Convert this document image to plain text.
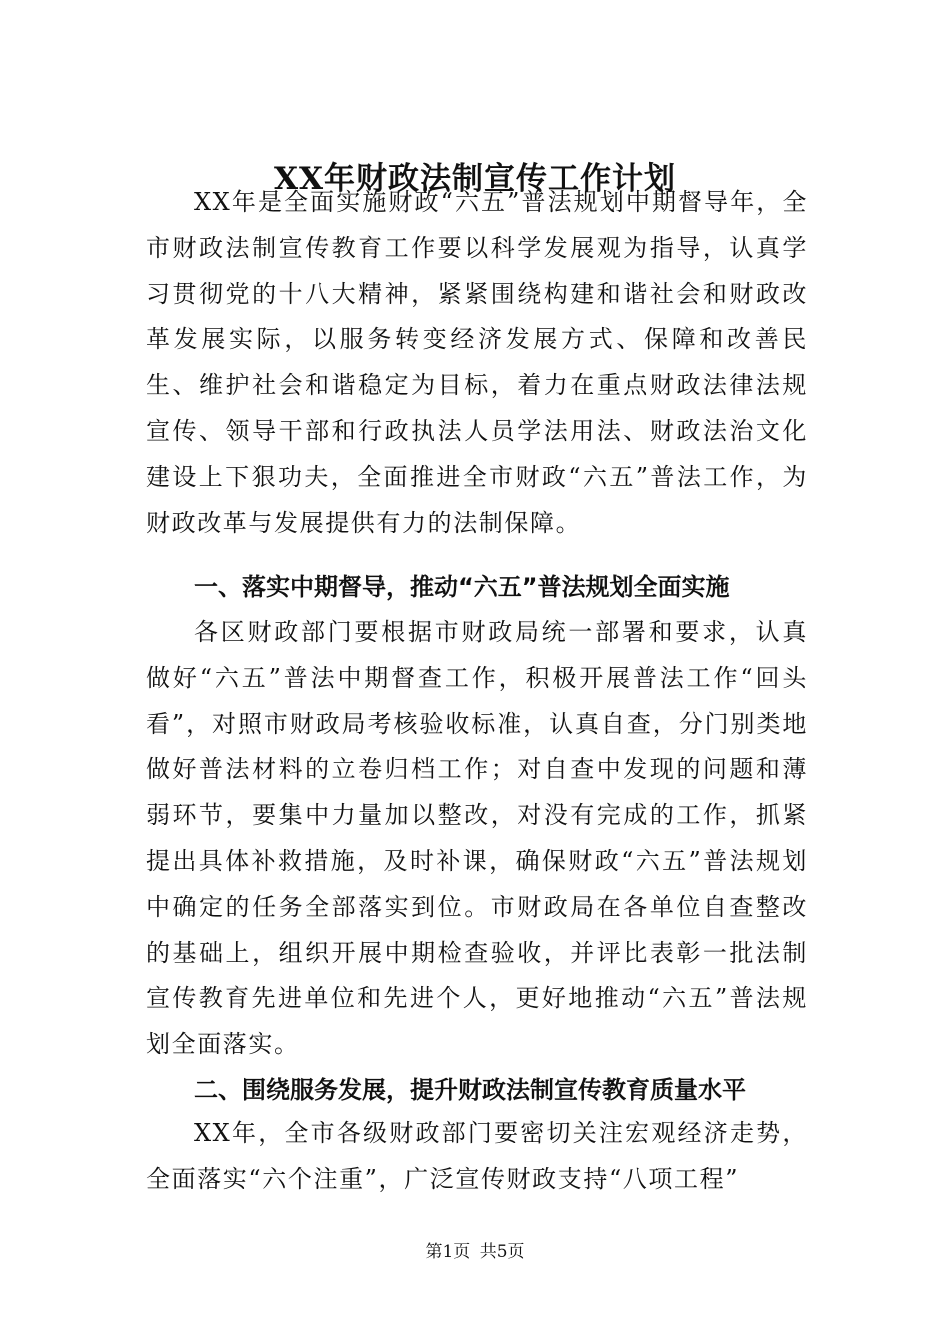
XX年财政法制宣传工作计划

XX年是全面实施财政“六五”普法规划中期督导年，全市财政法制宣传教育工作要以科学发展观为指导，认真学习贯彻党的十八大精神，紧紧围绕构建和谐社会和财政改革发展实际，以服务转变经济发展方式、保障和改善民生、维护社会和谐稳定为目标，着力在重点财政法律法规宣传、领导干部和行政执法人员学法用法、财政法治文化建设上下狠功夫，全面推进全市财政“六五”普法工作，为财政改革与发展提供有力的法制保障。

一、落实中期督导，推动“六五”普法规划全面实施

各区财政部门要根据市财政局统一部署和要求，认真做好“六五”普法中期督查工作，积极开展普法工作“回头看”，对照市财政局考核验收标准，认真自查，分门别类地做好普法材料的立卷归档工作；对自查中发现的问题和薄弱环节，要集中力量加以整改，对没有完成的工作，抓紧提出具体补救措施，及时补课，确保财政“六五”普法规划中确定的任务全部落实到位。市财政局在各单位自查整改的基础上，组织开展中期检查验收，并评比表彰一批法制宣传教育先进单位和先进个人，更好地推动“六五”普法规划全面落实。

二、围绕服务发展，提升财政法制宣传教育质量水平

XX年，全市各级财政部门要密切关注宏观经济走势，全面落实“六个注重”，广泛宣传财政支持“八项工程”

第1页 共5页
